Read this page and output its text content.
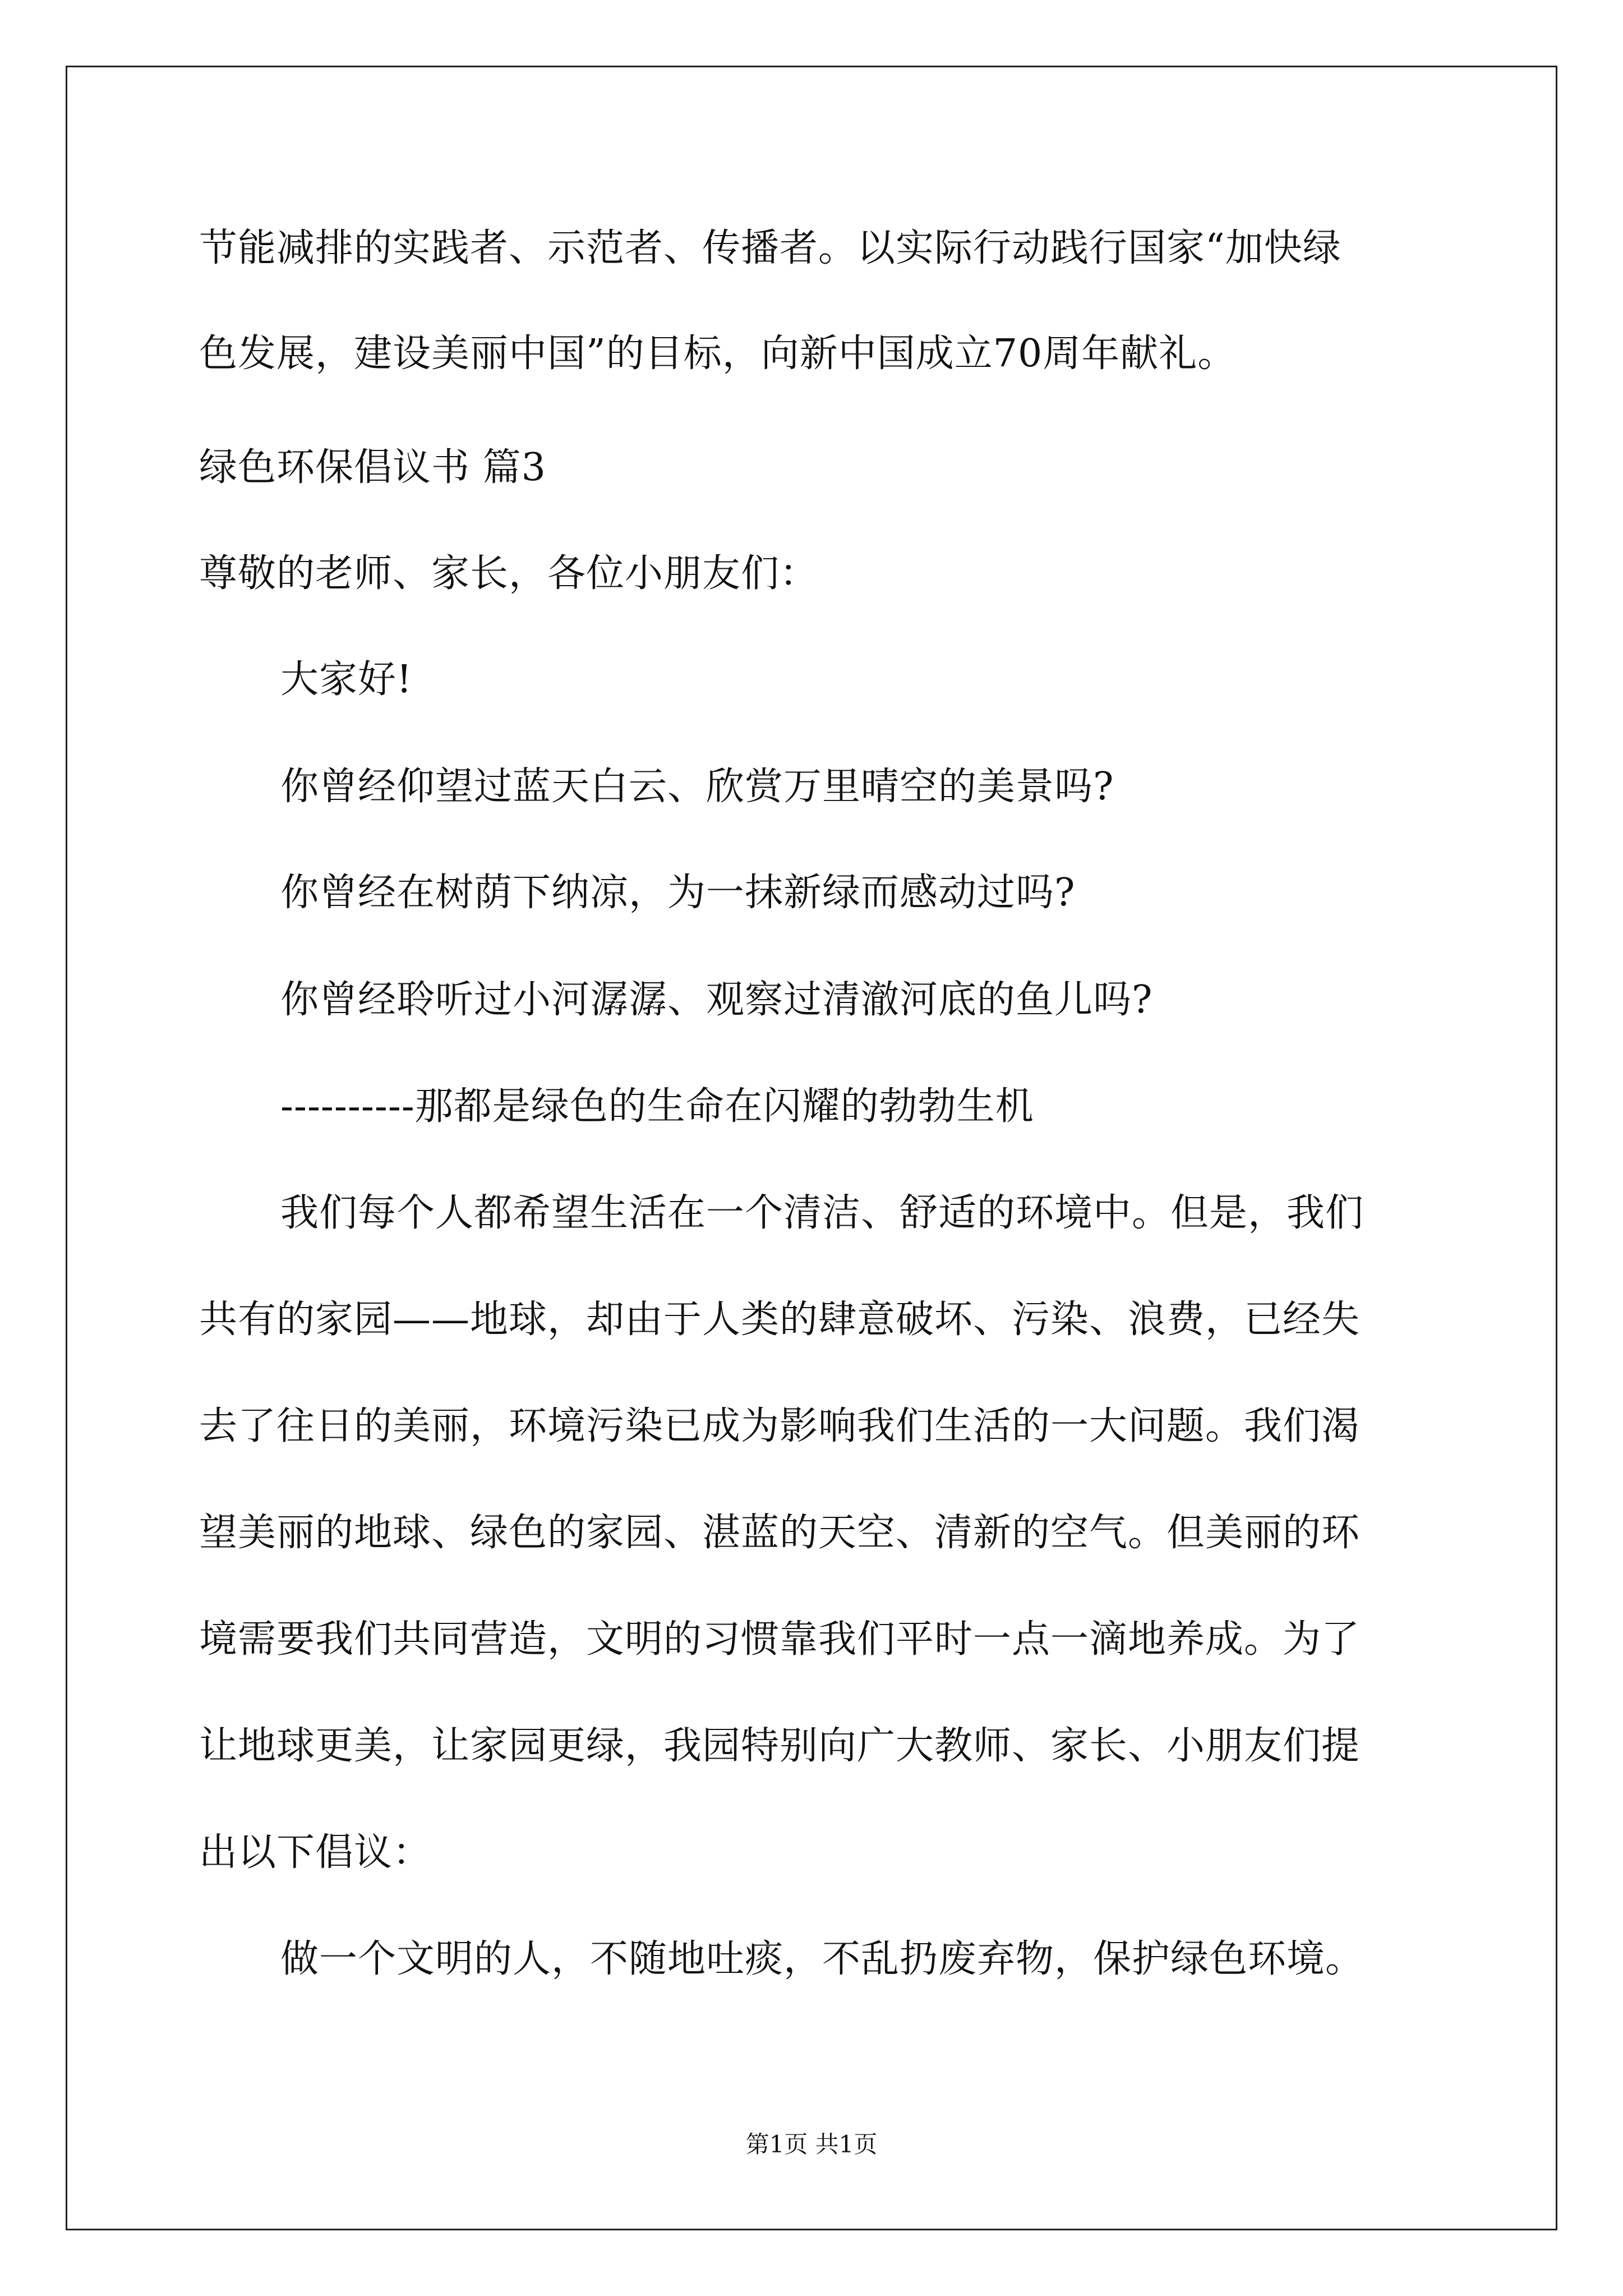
节能减排的实践者、示范者、传播者。以实际行动践行国家“加快绿
色发展，建设美丽中国”的目标，向新中国成立70周年献礼。
绿色环保倡议书 篇3
尊敬的老师、家长，各位小朋友们：
大家好!
你曾经仰望过蓝天白云、欣赏万里晴空的美景吗?
你曾经在树荫下纳凉，为一抹新绿而感动过吗?
你曾经聆听过小河潺潺、观察过清澈河底的鱼儿吗?
----------那都是绿色的生命在闪耀的勃勃生机
我们每个人都希望生活在一个清洁、舒适的环境中。但是，我们
共有的家园——地球，却由于人类的肆意破坏、污染、浪费，已经失
去了往日的美丽，环境污染已成为影响我们生活的一大问题。我们渴
望美丽的地球、绿色的家园、湛蓝的天空、清新的空气。但美丽的环
境需要我们共同营造，文明的习惯靠我们平时一点一滴地养成。为了
让地球更美，让家园更绿，我园特别向广大教师、家长、小朋友们提
出以下倡议：
做一个文明的人，不随地吐痰，不乱扔废弃物，保护绿色环境。
第1页 共1页
